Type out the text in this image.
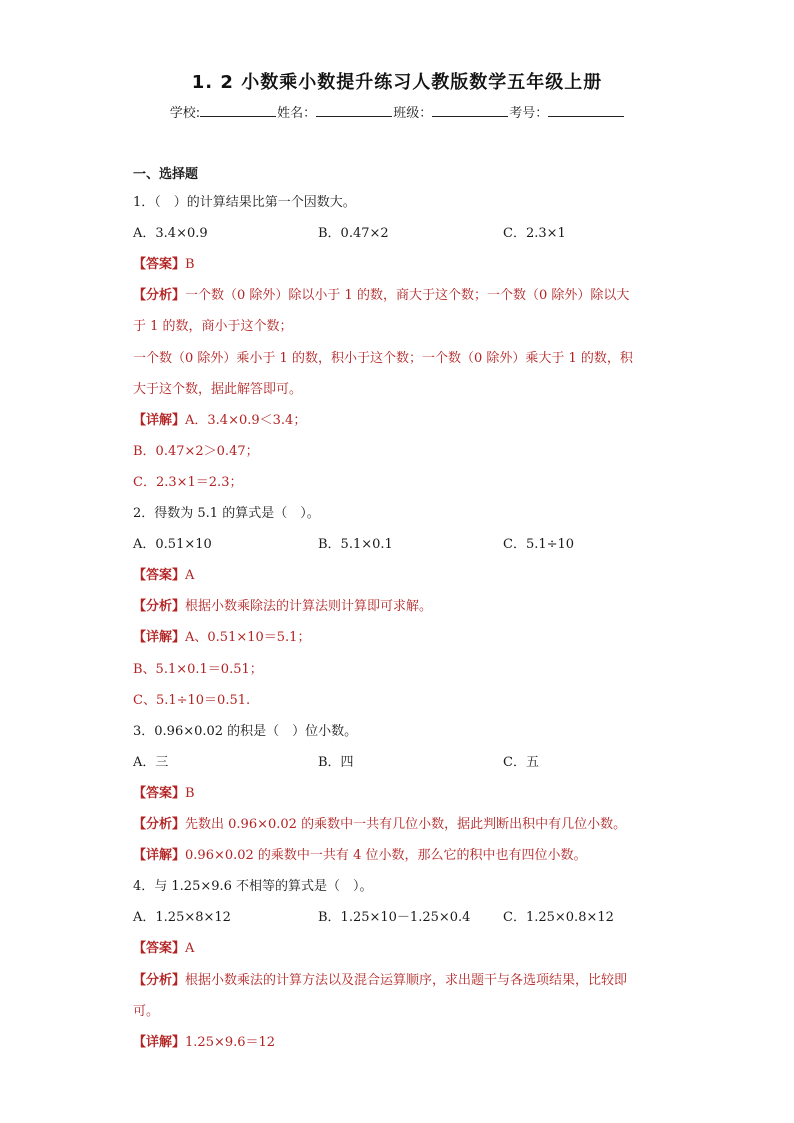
1. 2 小数乘小数提升练习人教版数学五年级上册
学校:	姓名：	班级：	考号：
一、选择题
1．（　）的计算结果比第一个因数大。
A．3.4×0.9	B．0.47×2	C．2.3×1
【答案】B
【分析】一个数（0 除外）除以小于 1 的数，商大于这个数；一个数（0 除外）除以大
于 1 的数，商小于这个数；
一个数（0 除外）乘小于 1 的数，积小于这个数；一个数（0 除外）乘大于 1 的数，积
大于这个数，据此解答即可。
【详解】A．3.4×0.9＜3.4；
B．0.47×2＞0.47；
C．2.3×1＝2.3；
2．得数为 5.1 的算式是（　）。
A．0.51×10	B．5.1×0.1	C．5.1÷10
【答案】A
【分析】根据小数乘除法的计算法则计算即可求解。
【详解】A、0.51×10＝5.1；
B、5.1×0.1＝0.51；
C、5.1÷10＝0.51.
3．0.96×0.02 的积是（　）位小数。
A．三	B．四	C．五
【答案】B
【分析】先数出 0.96×0.02 的乘数中一共有几位小数，据此判断出积中有几位小数。
【详解】0.96×0.02 的乘数中一共有 4 位小数，那么它的积中也有四位小数。
4．与 1.25×9.6 不相等的算式是（　）。
A．1.25×8×12	B．1.25×10－1.25×0.4	C．1.25×0.8×12
【答案】A
【分析】根据小数乘法的计算方法以及混合运算顺序，求出题干与各选项结果，比较即
可。
【详解】1.25×9.6＝12
